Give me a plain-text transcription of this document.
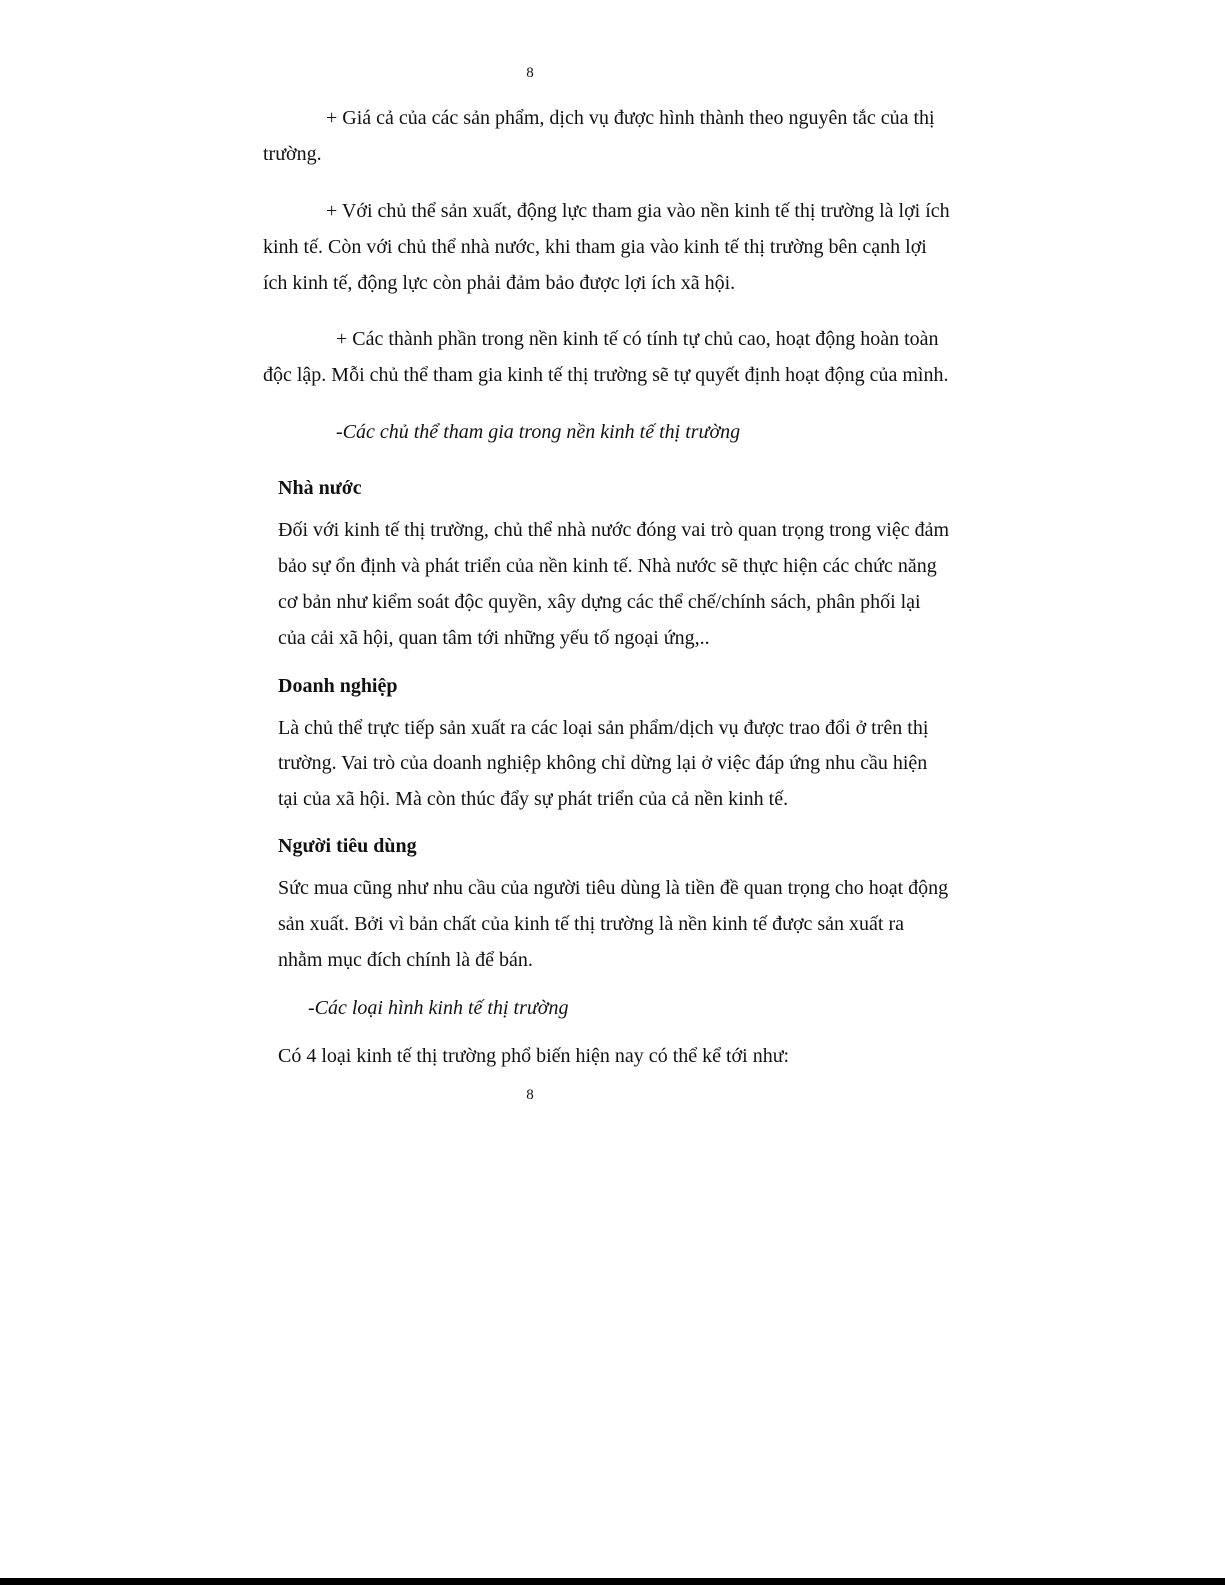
8
+ Giá cả của các sản phẩm, dịch vụ được hình thành theo nguyên tắc của thị
trường.
+ Với chủ thể sản xuất, động lực tham gia vào nền kinh tế thị trường là lợi ích
kinh tế. Còn với chủ thể nhà nước, khi tham gia vào kinh tế thị trường bên cạnh lợi
ích kinh tế, động lực còn phải đảm bảo được lợi ích xã hội.
+ Các thành phần trong nền kinh tế có tính tự chủ cao, hoạt động hoàn toàn
độc lập. Mỗi chủ thể tham gia kinh tế thị trường sẽ tự quyết định hoạt động của mình.
-Các chủ thể tham gia trong nền kinh tế thị trường
Nhà nước
Đối với kinh tế thị trường, chủ thể nhà nước đóng vai trò quan trọng trong việc đảm
bảo sự ổn định và phát triển của nền kinh tế. Nhà nước sẽ thực hiện các chức năng
cơ bản như kiểm soát độc quyền, xây dựng các thể chế/chính sách, phân phối lại
của cải xã hội, quan tâm tới những yếu tố ngoại ứng,..
Doanh nghiệp
Là chủ thể trực tiếp sản xuất ra các loại sản phẩm/dịch vụ được trao đổi ở trên thị
trường. Vai trò của doanh nghiệp không chỉ dừng lại ở việc đáp ứng nhu cầu hiện
tại của xã hội. Mà còn thúc đẩy sự phát triển của cả nền kinh tế.
Người tiêu dùng
Sức mua cũng như nhu cầu của người tiêu dùng là tiền đề quan trọng cho hoạt động
sản xuất. Bởi vì bản chất của kinh tế thị trường là nền kinh tế được sản xuất ra
nhằm mục đích chính là để bán.
-Các loại hình kinh tế thị trường
Có 4 loại kinh tế thị trường phổ biến hiện nay có thể kể tới như:
8
